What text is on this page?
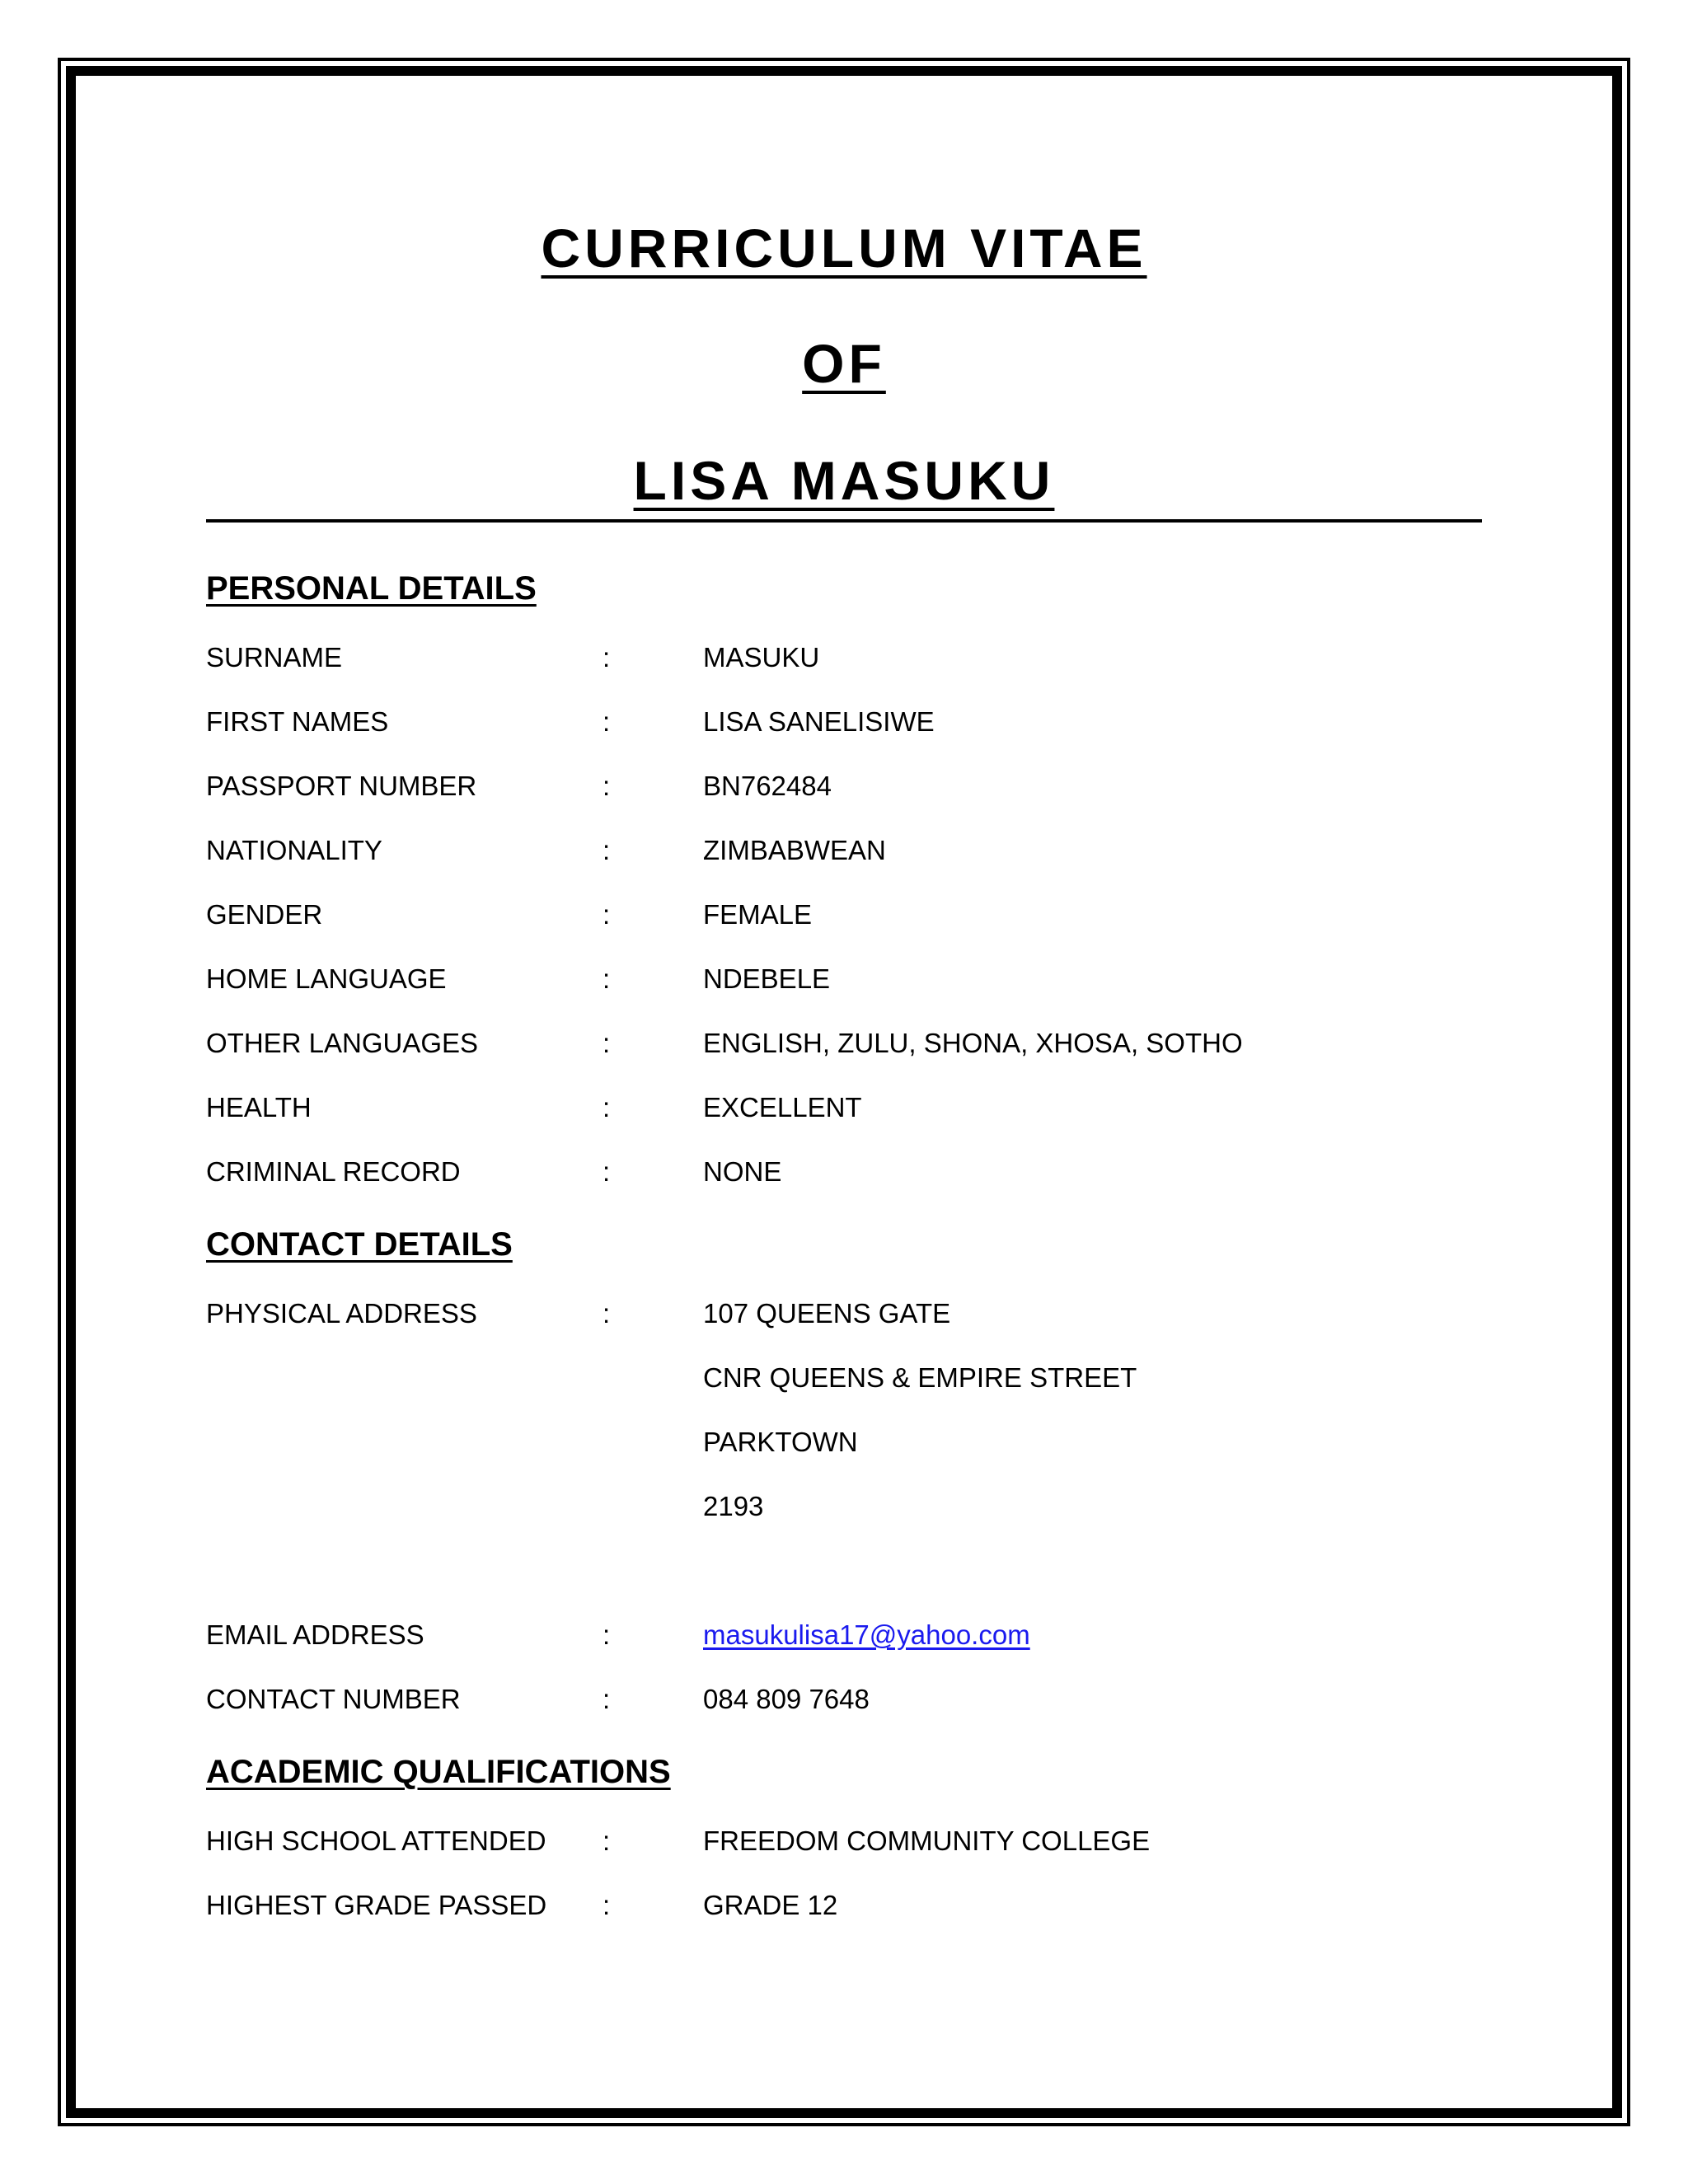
CURRICULUM VITAE
OF
LISA MASUKU
PERSONAL DETAILS
SURNAME	:	MASUKU
FIRST NAMES	:	LISA SANELISIWE
PASSPORT NUMBER	:	BN762484
NATIONALITY	:	ZIMBABWEAN
GENDER	:	FEMALE
HOME LANGUAGE	:	NDEBELE
OTHER LANGUAGES	:	ENGLISH, ZULU, SHONA, XHOSA, SOTHO
HEALTH	:	EXCELLENT
CRIMINAL RECORD	:	NONE
CONTACT DETAILS
PHYSICAL ADDRESS	:	107 QUEENS GATE
CNR QUEENS & EMPIRE STREET
PARKTOWN
2193
EMAIL ADDRESS	:	masukulisa17@yahoo.com
CONTACT NUMBER	:	084 809 7648
ACADEMIC QUALIFICATIONS
HIGH SCHOOL ATTENDED :	FREEDOM COMMUNITY COLLEGE
HIGHEST GRADE PASSED :	GRADE 12
